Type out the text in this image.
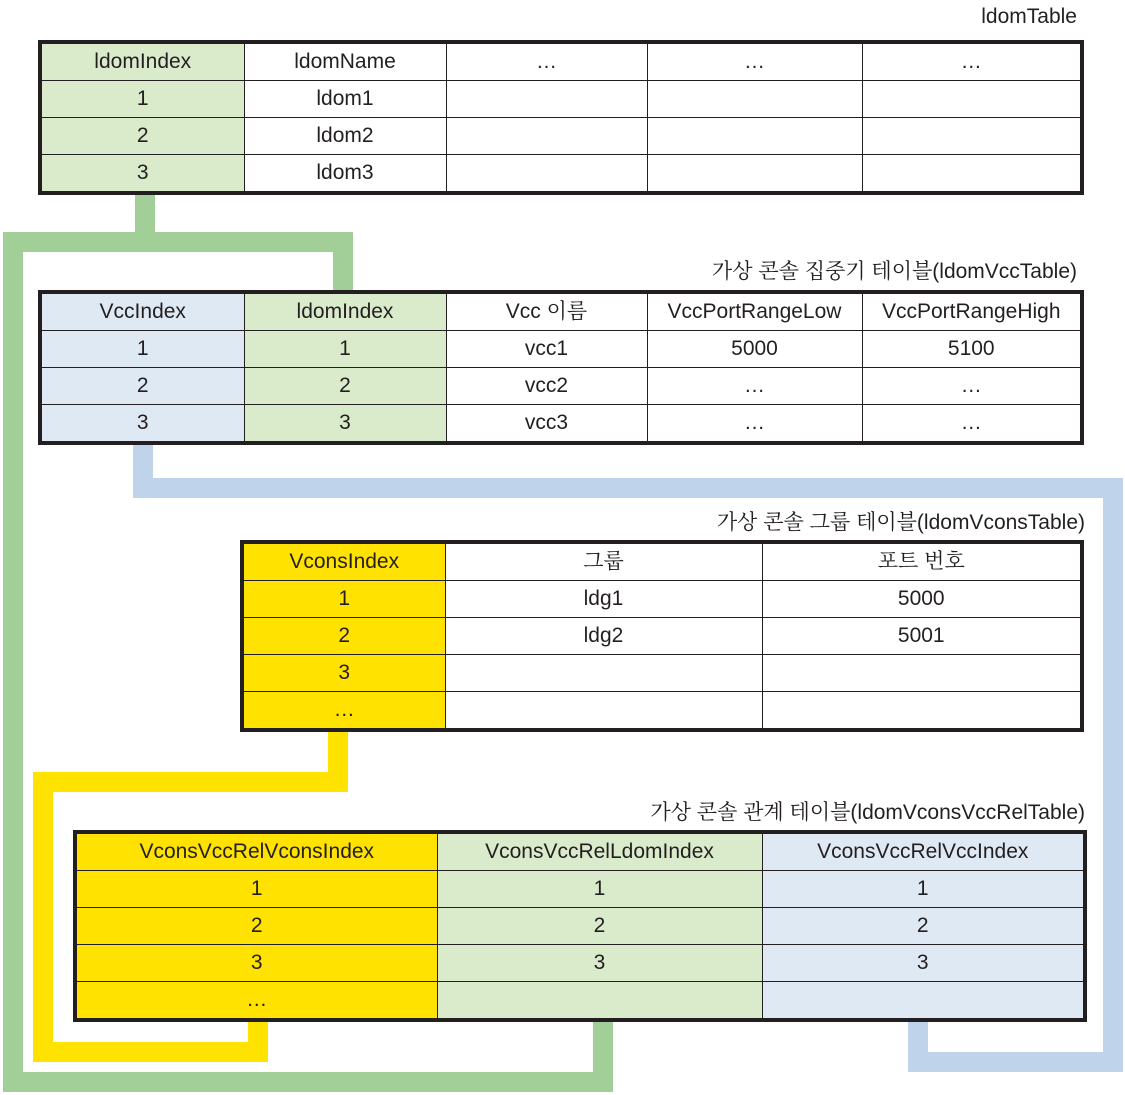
ldomTable
ldomIndex	ldomName	…	…	…
1	ldom1			
2	ldom2			
3	ldom3			
가상 콘솔 집중기 테이블(ldomVccTable)
VccIndex	ldomIndex	Vcc 이름	VccPortRangeLow	VccPortRangeHigh
1	1	vcc1	5000	5100
2	2	vcc2	…	…
3	3	vcc3	…	…
가상 콘솔 그룹 테이블(ldomVconsTable)
VconsIndex	그룹	포트 번호
1	ldg1	5000
2	ldg2	5001
3		
…		
가상 콘솔 관계 테이블(ldomVconsVccRelTable)
VconsVccRelVconsIndex	VconsVccRelLdomIndex	VconsVccRelVccIndex
1	1	1
2	2	2
3	3	3
…		
